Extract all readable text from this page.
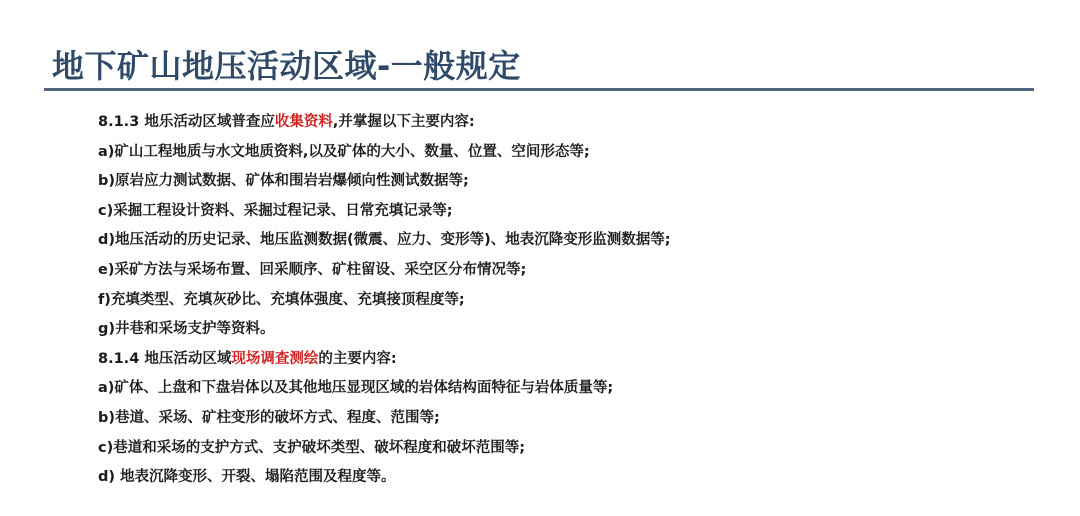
地下矿山地压活动区域-一般规定

8.1.3 地乐活动区域普查应收集资料,并掌握以下主要内容:

a)矿山工程地质与水文地质资料,以及矿体的大小、数量、位置、空间形态等;

b)原岩应力测试数据、矿体和围岩岩爆倾向性测试数据等;

c)采掘工程设计资料、采掘过程记录、日常充填记录等;

d)地压活动的历史记录、地压监测数据(微震、应力、变形等)、地表沉降变形监测数据等;

e)采矿方法与采场布置、回采顺序、矿柱留设、采空区分布情况等;

f)充填类型、充填灰砂比、充填体强度、充填接顶程度等;

g)井巷和采场支护等资料。

8.1.4 地压活动区域现场调查测绘的主要内容:

a)矿体、上盘和下盘岩体以及其他地压显现区域的岩体结构面特征与岩体质量等;

b)巷道、采场、矿柱变形的破坏方式、程度、范围等;

c)巷道和采场的支护方式、支护破坏类型、破坏程度和破坏范围等;

d) 地表沉降变形、开裂、塌陷范围及程度等。
